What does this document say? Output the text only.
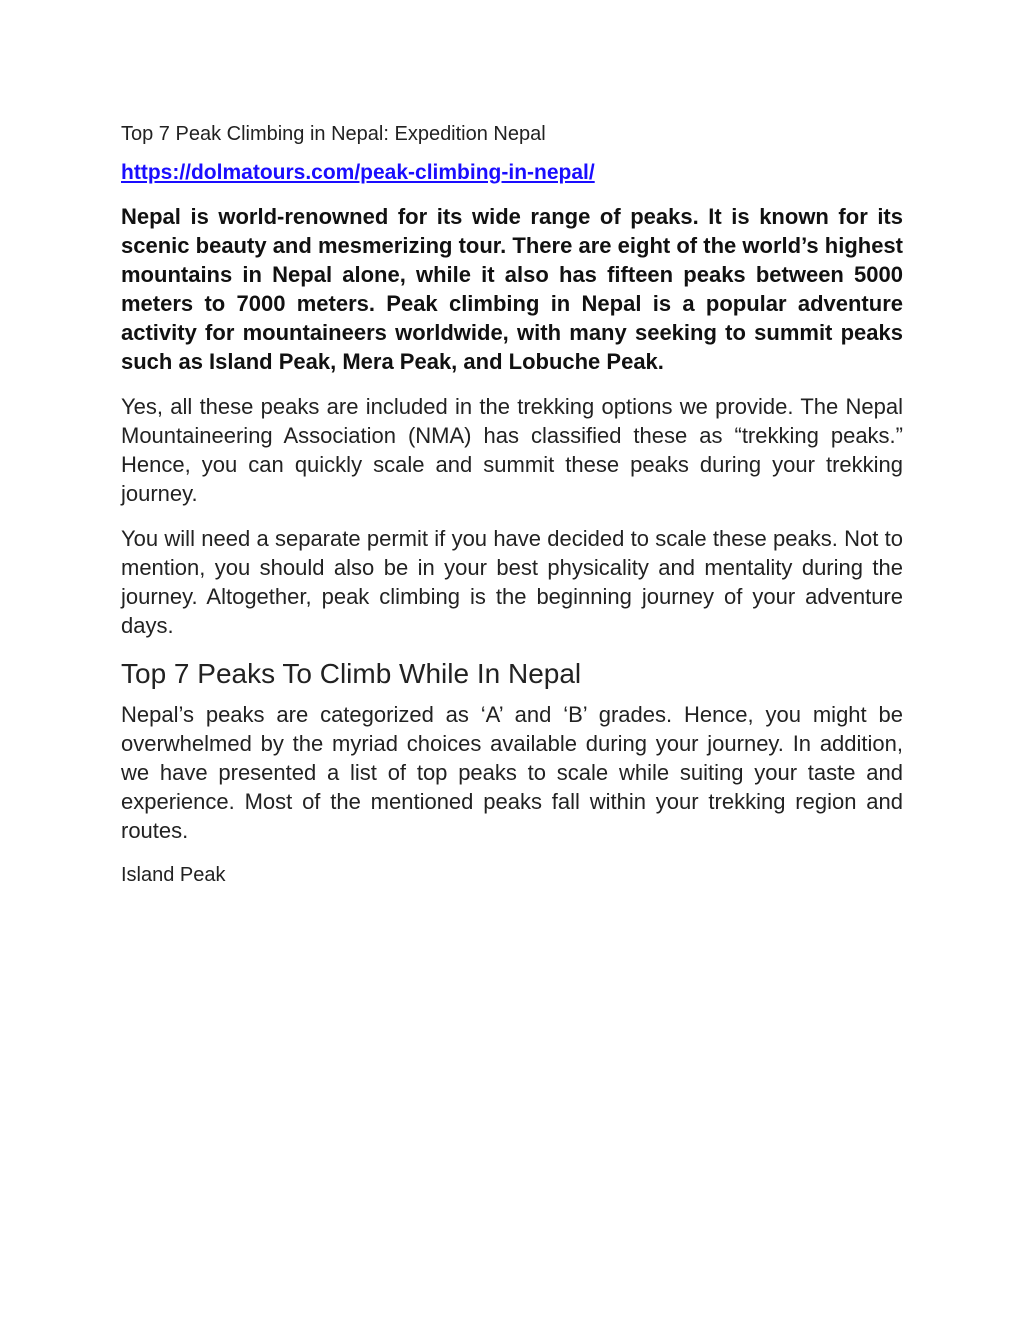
Top 7 Peak Climbing in Nepal: Expedition Nepal
https://dolmatours.com/peak-climbing-in-nepal/

Nepal is world-renowned for its wide range of peaks. It is known for its scenic beauty and mesmerizing tour. There are eight of the world’s highest mountains in Nepal alone, while it also has fifteen peaks between 5000 meters to 7000 meters. Peak climbing in Nepal is a popular adventure activity for mountaineers worldwide, with many seeking to summit peaks such as Island Peak, Mera Peak, and Lobuche Peak.

Yes, all these peaks are included in the trekking options we provide. The Nepal Mountaineering Association (NMA) has classified these as “trekking peaks.” Hence, you can quickly scale and summit these peaks during your trekking journey.

You will need a separate permit if you have decided to scale these peaks. Not to mention, you should also be in your best physicality and mentality during the journey. Altogether, peak climbing is the beginning journey of your adventure days.

Top 7 Peaks To Climb While In Nepal

Nepal’s peaks are categorized as ‘A’ and ‘B’ grades. Hence, you might be overwhelmed by the myriad choices available during your journey. In addition, we have presented a list of top peaks to scale while suiting your taste and experience. Most of the mentioned peaks fall within your trekking region and routes.

Island Peak
